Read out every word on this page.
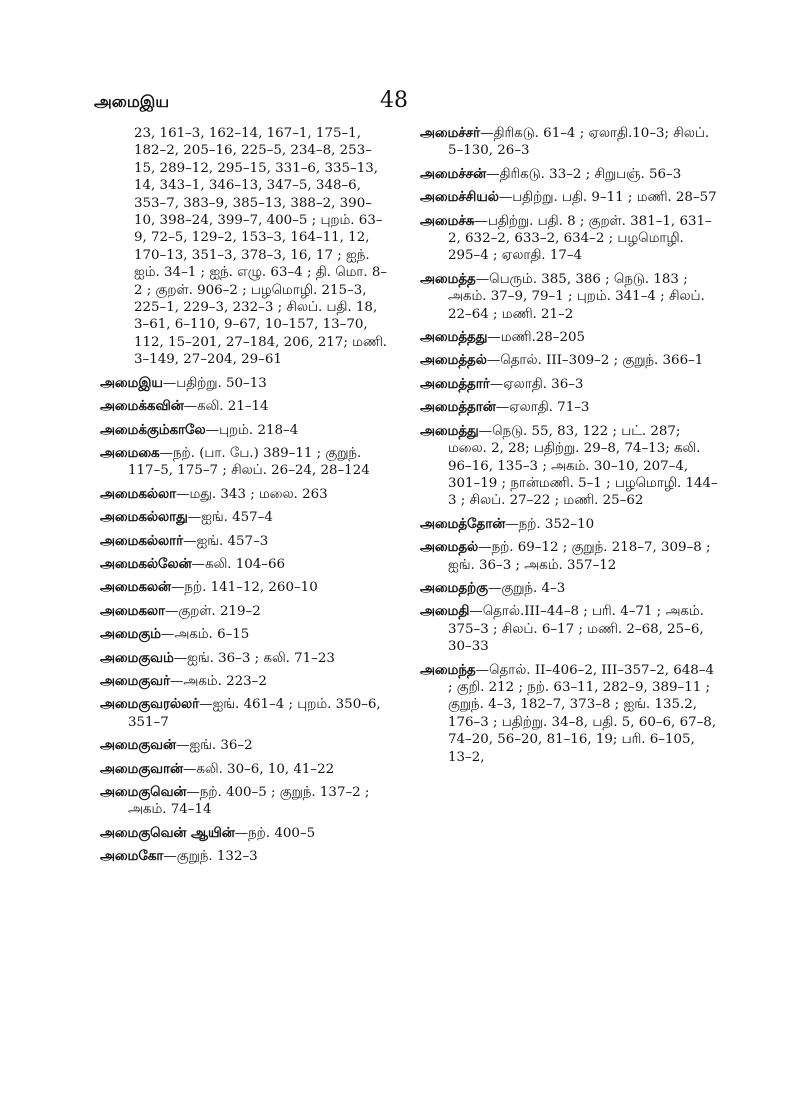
அமைஇய	48
23, 161–3, 162–14, 167–1, 175–1, 182–2, 205–16, 225–5, 234–8, 253–15, 289–12, 295–15, 331–6, 335–13, 14, 343–1, 346–13, 347–5, 348–6, 353–7, 383–9, 385–13, 388–2, 390–10, 398–24, 399–7, 400–5 ; புறம். 63–9, 72–5, 129–2, 153–3, 164–11, 12, 170–13, 351–3, 378–3, 16, 17 ; ஐந். ஐம். 34–1 ; ஐந். எழு. 63–4 ; தி. மொ. 8–2 ; குறள். 906–2 ; பழமொழி. 215–3, 225–1, 229–3, 232–3 ; சிலப். பதி. 18, 3–61, 6–110, 9–67, 10–157, 13–70, 112, 15–201, 27–184, 206, 217; மணி. 3–149, 27–204, 29–61
அமைஇய — பதிற்று. 50–13
அமைக்கவின் — கலி. 21–14
அமைக்கும்காலே — புறம். 218–4
அமைகை — நற். (பா. பே.) 389–11 ; குறுந். 117–5, 175–7 ; சிலப். 26–24, 28–124
அமைகல்லா — மது. 343 ; மலை. 263
அமைகல்லாது — ஐங். 457–4
அமைகல்லார் — ஐங். 457–3
அமைகல்லேன் — கலி. 104–66
அமைகலன் — நற். 141–12, 260–10
அமைகலா — குறள். 219–2
அமைகும் — அகம். 6–15
அமைகுவம் — ஐங். 36–3 ; கலி. 71–23
அமைகுவர் — அகம். 223–2
அமைகுவரல்லர் — ஐங். 461–4 ; புறம். 350–6, 351–7
அமைகுவன் — ஐங். 36–2
அமைகுவான் — கலி. 30–6, 10, 41–22
அமைகுவென் — நற். 400–5 ; குறுந். 137–2 ; அகம். 74–14
அமைகுவென் ஆயின் — நற். 400–5
அமைகோ — குறுந். 132–3
அமைச்சர் — திரிகடு. 61–4 ; ஏலாதி.10–3; சிலப். 5–130, 26–3
அமைச்சன் — திரிகடு. 33–2 ; சிறுபஞ். 56–3
அமைச்சியல் — பதிற்று. பதி. 9–11 ; மணி. 28–57
அமைச்சு — பதிற்று. பதி. 8 ; குறள். 381–1, 631–2, 632–2, 633–2, 634–2 ; பழமொழி. 295–4 ; ஏலாதி. 17–4
அமைத்த — பெரும். 385, 386 ; நெடு. 183 ; அகம். 37–9, 79–1 ; புறம். 341–4 ; சிலப். 22–64 ; மணி. 21–2
அமைத்தது — மணி.28–205
அமைத்தல் — தொல். III–309–2 ; குறுந். 366–1
அமைத்தார் — ஏலாதி. 36–3
அமைத்தான் — ஏலாதி. 71–3
அமைத்து — நெடு. 55, 83, 122 ; பட். 287; மலை. 2, 28; பதிற்று. 29–8, 74–13; கலி. 96–16, 135–3 ; அகம். 30–10, 207–4, 301–19 ; நான்மணி. 5–1 ; பழமொழி. 144–3 ; சிலப். 27–22 ; மணி. 25–62
அமைத்தோன் — நற். 352–10
அமைதல் — நற். 69–12 ; குறுந். 218–7, 309–8 ; ஐங். 36–3 ; அகம். 357–12
அமைதற்கு — குறுந். 4–3
அமைதி — தொல்.III–44–8 ; பரி. 4–71 ; அகம். 375–3 ; சிலப். 6–17 ; மணி. 2–68, 25–6, 30–33
அமைந்த — தொல். II–406–2, III–357–2, 648–4 ; குறி. 212 ; நற். 63–11, 282–9, 389–11 ; குறுந். 4–3, 182–7, 373–8 ; ஐங். 135.2, 176–3 ; பதிற்று. 34–8, பதி. 5, 60–6, 67–8, 74–20, 56–20, 81–16, 19; பரி. 6–105, 13–2,
